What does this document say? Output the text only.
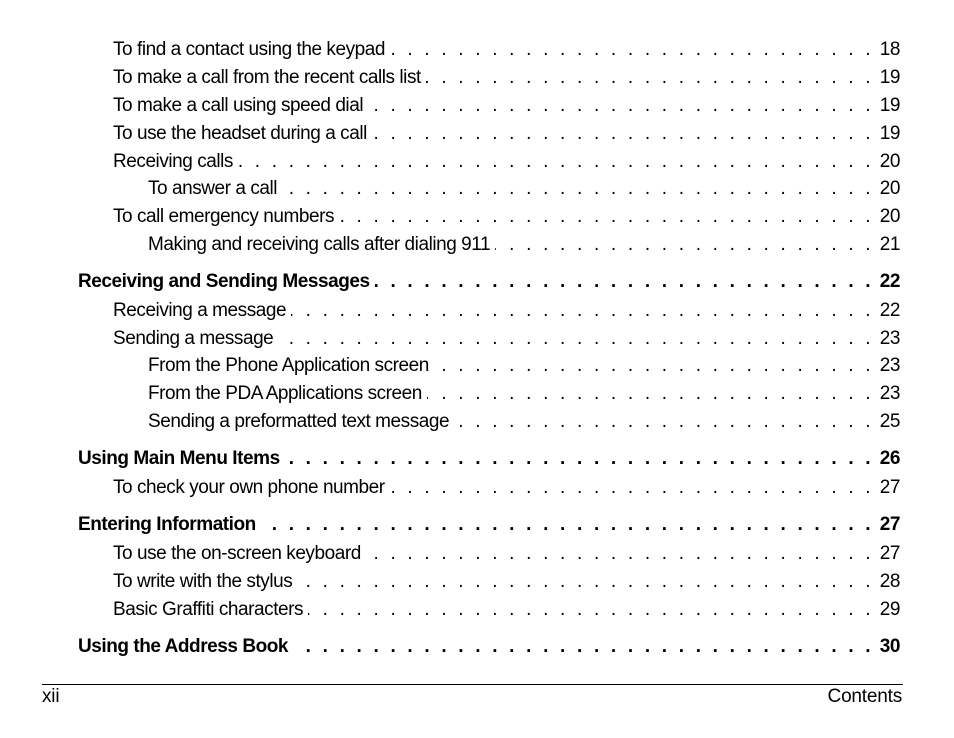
To find a contact using the keypad . . .	18
To make a call from the recent calls list . . .	19
To make a call using speed dial . . .	19
To use the headset during a call . . .	19
Receiving calls . . .	20
To answer a call . . .	20
To call emergency numbers . . .	20
Making and receiving calls after dialing 911 . . .	21
Receiving and Sending Messages . . .	22
Receiving a message . . .	22
Sending a message . . .	23
From the Phone Application screen . . .	23
From the PDA Applications screen . . .	23
Sending a preformatted text message . . .	25
Using Main Menu Items . . .	26
To check your own phone number . . .	27
Entering Information . . .	27
To use the on-screen keyboard . . .	27
To write with the stylus . . .	28
Basic Graffiti characters . . .	29
Using the Address Book . . .	30
xii	Contents
